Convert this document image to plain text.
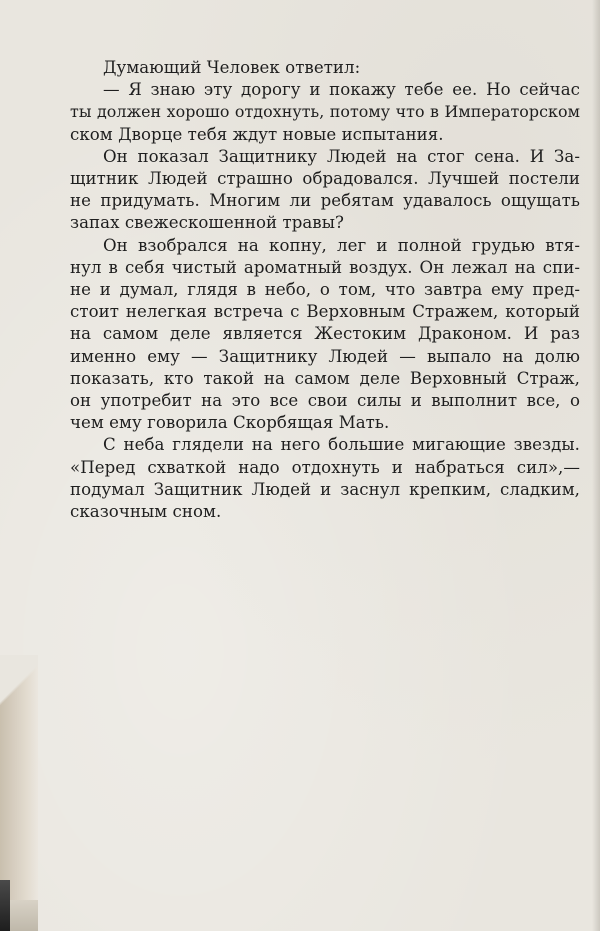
Думающий Человек ответил:
— Я знаю эту дорогу и покажу тебе ее. Но сейчас
ты должен хорошо отдохнуть, потому что в Императорском
ском Дворце тебя ждут новые испытания.
Он показал Защитнику Людей на стог сена. И За-
щитник Людей страшно обрадовался. Лучшей постели
не придумать. Многим ли ребятам удавалось ощущать
запах свежескошенной травы?
Он взобрался на копну, лег и полной грудью втя-
нул в себя чистый ароматный воздух. Он лежал на спи-
не и думал, глядя в небо, о том, что завтра ему пред-
стоит нелегкая встреча с Верховным Стражем, который
на самом деле является Жестоким Драконом. И раз
именно ему — Защитнику Людей — выпало на долю
показать, кто такой на самом деле Верховный Страж,
он употребит на это все свои силы и выполнит все, о
чем ему говорила Скорбящая Мать.
С неба глядели на него большие мигающие звезды.
«Перед схваткой надо отдохнуть и набраться сил»,—
подумал Защитник Людей и заснул крепким, сладким,
сказочным сном.
